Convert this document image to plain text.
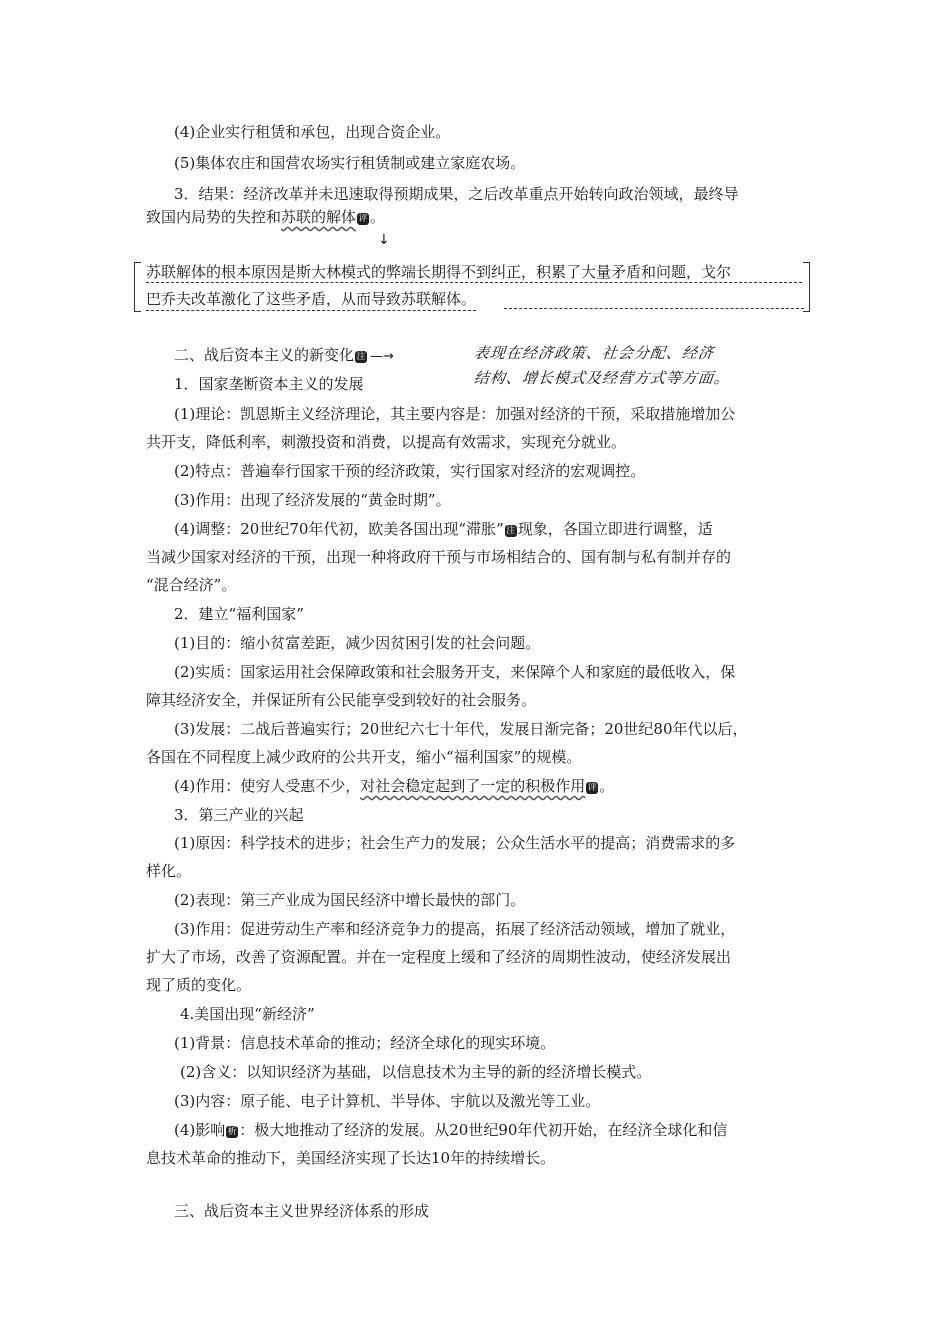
(4)企业实行租赁和承包，出现合资企业。
(5)集体农庄和国营农场实行租赁制或建立家庭农场。
3．结果：经济改革并未迅速取得预期成果，之后改革重点开始转向政治领域，最终导
致国内局势的失控和苏联的解体 评 。
↓
苏联解体的根本原因是斯大林模式的弊端长期得不到纠正，积累了大量矛盾和问题，戈尔
巴乔夫改革激化了这些矛盾，从而导致苏联解体。
二、战后资本主义的新变化 注 —→	表现在经济政策、社会分配、经济
结构、增长模式及经营方式等方面。
1．国家垄断资本主义的发展
(1)理论：凯恩斯主义经济理论，其主要内容是：加强对经济的干预，采取措施增加公
共开支，降低利率，刺激投资和消费，以提高有效需求，实现充分就业。
(2)特点：普遍奉行国家干预的经济政策，实行国家对经济的宏观调控。
(3)作用：出现了经济发展的“黄金时期”。
(4)调整：20世纪70年代初，欧美各国出现“滞胀” 注 现象，各国立即进行调整，适
当减少国家对经济的干预，出现一种将政府干预与市场相结合的、国有制与私有制并存的
“混合经济”。
2．建立“福利国家”
(1)目的：缩小贫富差距，减少因贫困引发的社会问题。
(2)实质：国家运用社会保障政策和社会服务开支，来保障个人和家庭的最低收入，保
障其经济安全，并保证所有公民能享受到较好的社会服务。
(3)发展：二战后普遍实行；20世纪六七十年代，发展日渐完备；20世纪80年代以后，
各国在不同程度上减少政府的公共开支，缩小“福利国家”的规模。
(4)作用：使穷人受惠不少，对社会稳定起到了一定的积极作用 评 。
3．第三产业的兴起
(1)原因：科学技术的进步；社会生产力的发展；公众生活水平的提高；消费需求的多
样化。
(2)表现：第三产业成为国民经济中增长最快的部门。
(3)作用：促进劳动生产率和经济竞争力的提高，拓展了经济活动领域，增加了就业，
扩大了市场，改善了资源配置。并在一定程度上缓和了经济的周期性波动，使经济发展出
现了质的变化。
4.美国出现“新经济”
(1)背景：信息技术革命的推动；经济全球化的现实环境。
(2)含义：以知识经济为基础，以信息技术为主导的新的经济增长模式。
(3)内容：原子能、电子计算机、半导体、宇航以及激光等工业。
(4)影响 析 ：极大地推动了经济的发展。从20世纪90年代初开始，在经济全球化和信
息技术革命的推动下，美国经济实现了长达10年的持续增长。
三、战后资本主义世界经济体系的形成
